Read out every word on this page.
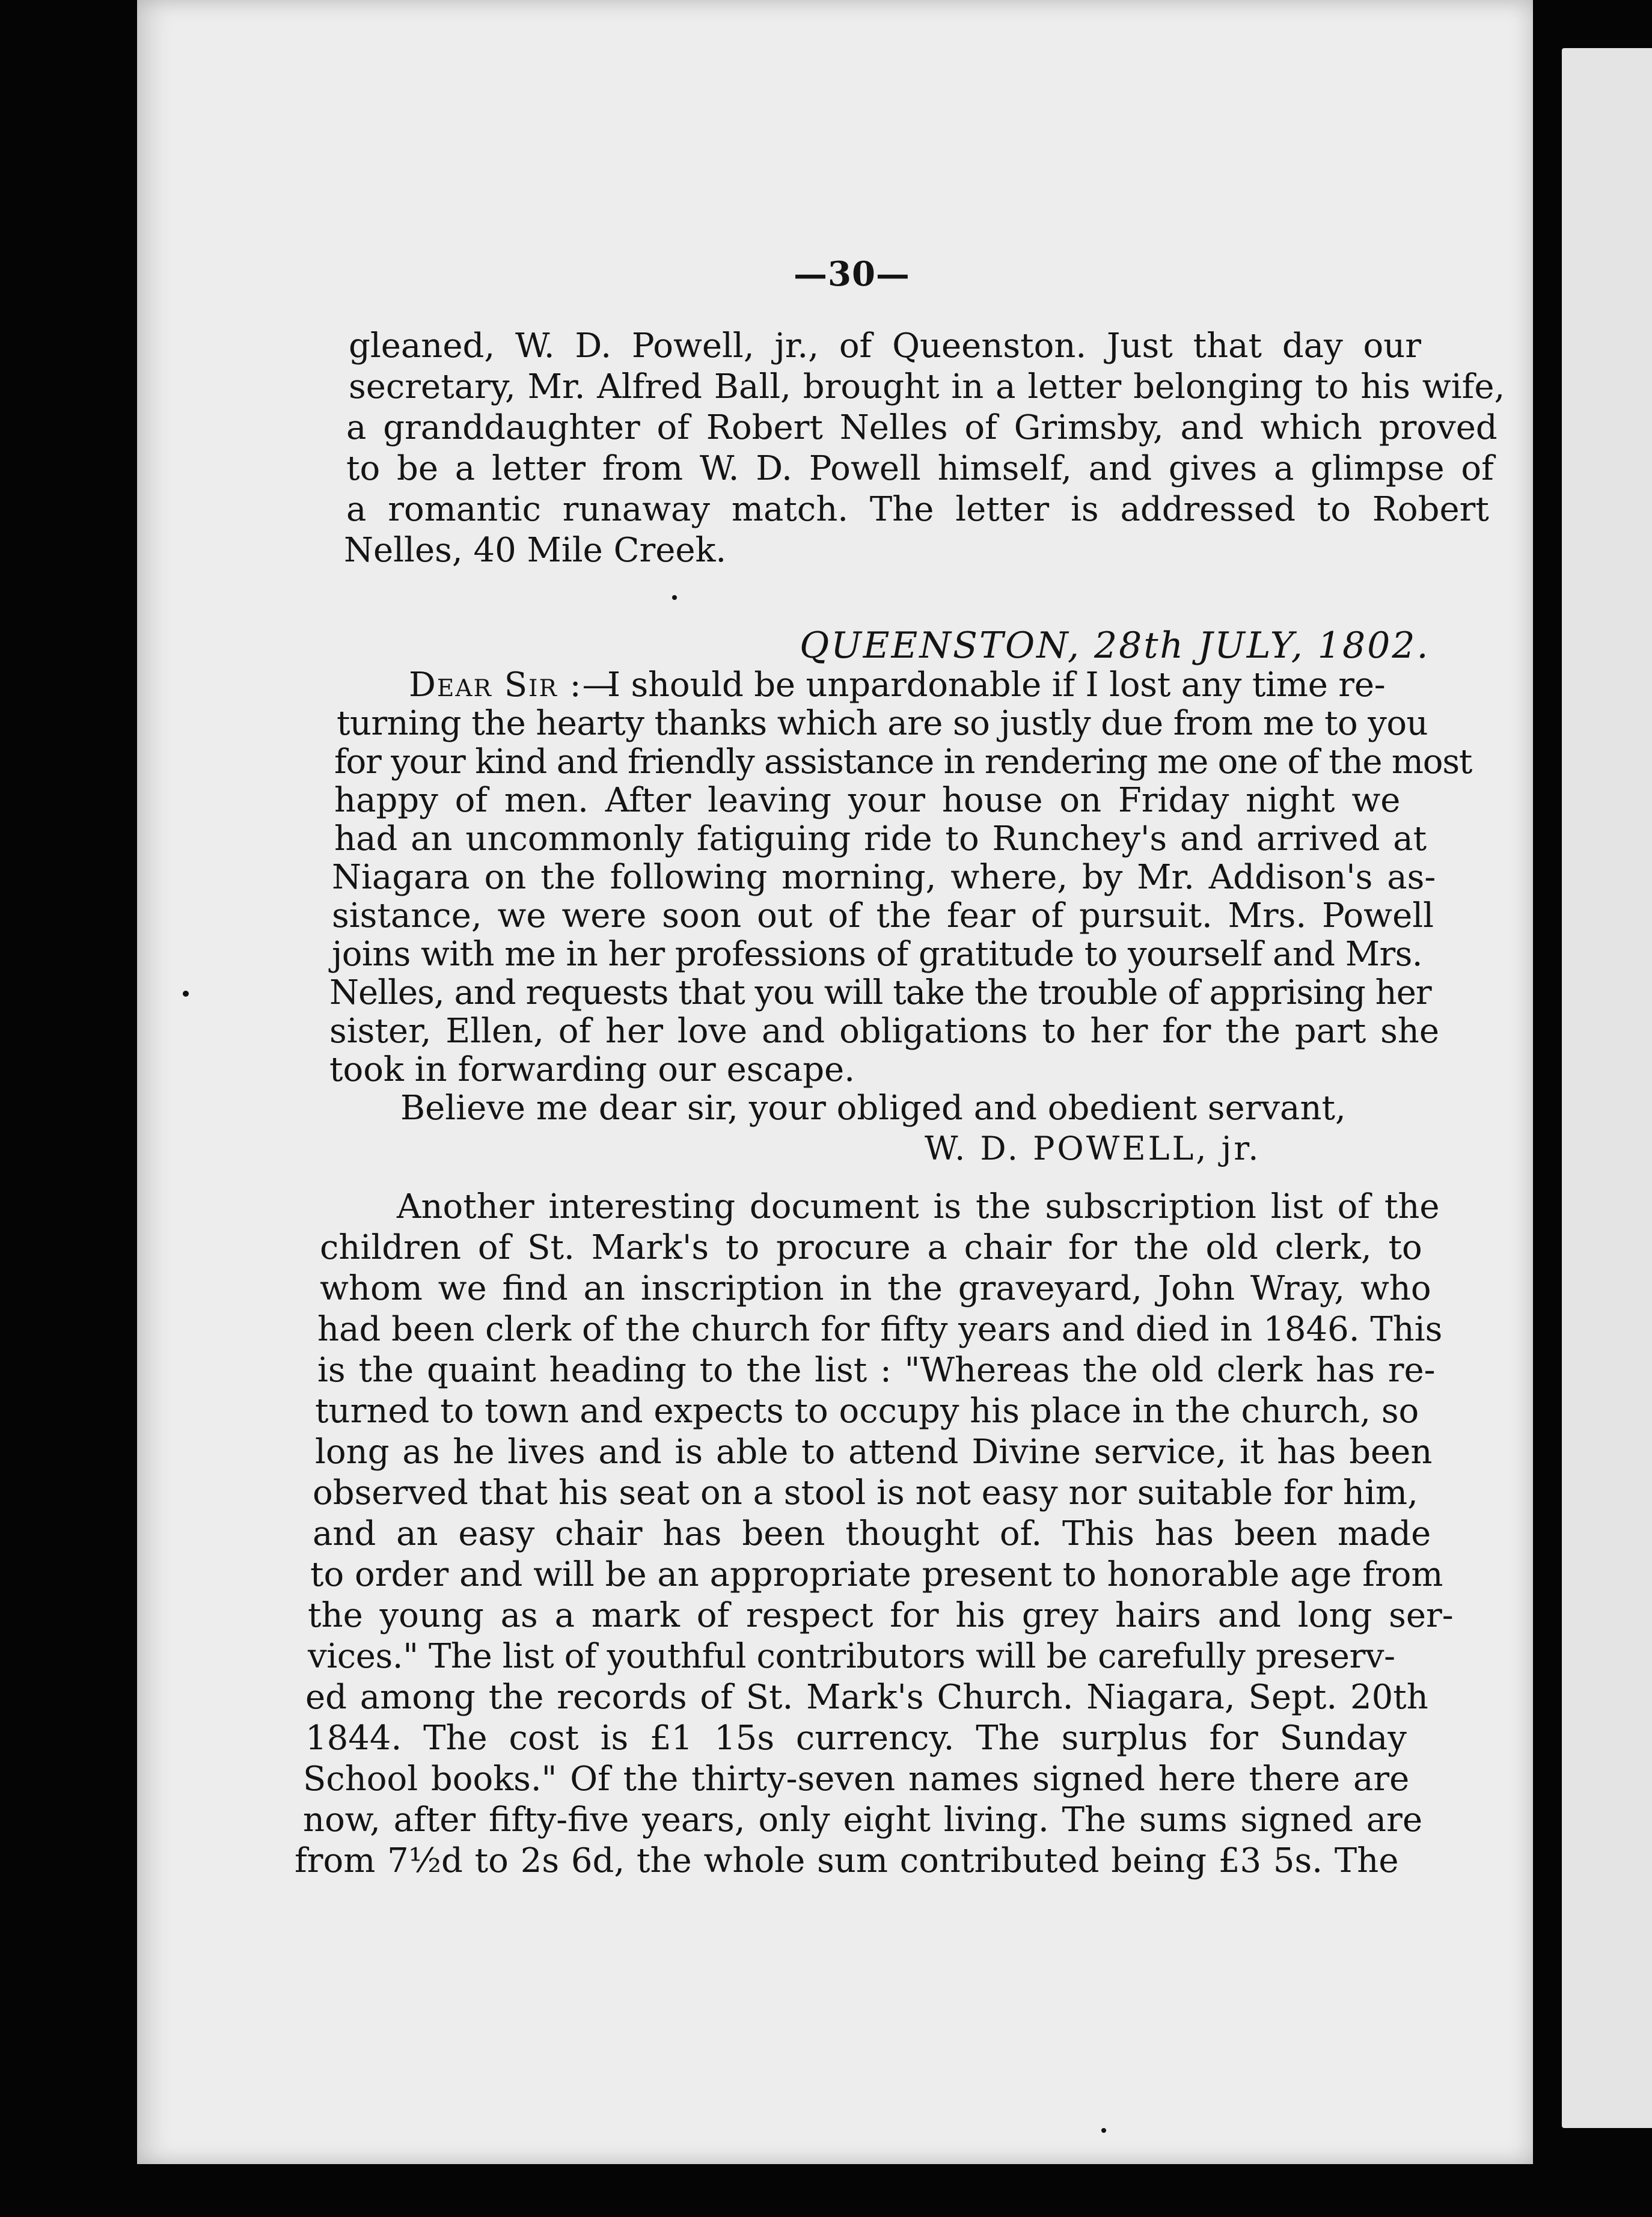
—30—
gleaned, W. D. Powell, jr., of Queenston. Just that day our
secretary, Mr. Alfred Ball, brought in a letter belonging to his wife,
a granddaughter of Robert Nelles of Grimsby, and which proved
to be a letter from W. D. Powell himself, and gives a glimpse of
a romantic runaway match. The letter is addressed to Robert
Nelles, 40 Mile Creek.
QUEENSTON, 28th JULY, 1802.
Dear Sir :—
I should be unpardonable if I lost any time re-
turning the hearty thanks which are so justly due from me to you
for your kind and friendly assistance in rendering me one of the most
happy of men. After leaving your house on Friday night we
had an uncommonly fatiguing ride to Runchey's and arrived at
Niagara on the following morning, where, by Mr. Addison's as-
sistance, we were soon out of the fear of pursuit. Mrs. Powell
joins with me in her professions of gratitude to yourself and Mrs.
Nelles, and requests that you will take the trouble of apprising her
sister, Ellen, of her love and obligations to her for the part she
took in forwarding our escape.
Believe me dear sir, your obliged and obedient servant,
W. D. POWELL, jr.
Another interesting document is the subscription list of the
children of St. Mark's to procure a chair for the old clerk, to
whom we find an inscription in the graveyard, John Wray, who
had been clerk of the church for fifty years and died in 1846. This
is the quaint heading to the list : "Whereas the old clerk has re-
turned to town and expects to occupy his place in the church, so
long as he lives and is able to attend Divine service, it has been
observed that his seat on a stool is not easy nor suitable for him,
and an easy chair has been thought of. This has been made
to order and will be an appropriate present to honorable age from
the young as a mark of respect for his grey hairs and long ser-
vices." The list of youthful contributors will be carefully preserv-
ed among the records of St. Mark's Church. Niagara, Sept. 20th
1844. The cost is £1 15s currency. The surplus for Sunday
School books." Of the thirty-seven names signed here there are
now, after fifty-five years, only eight living. The sums signed are
from 7½d to 2s 6d, the whole sum contributed being £3 5s. The
